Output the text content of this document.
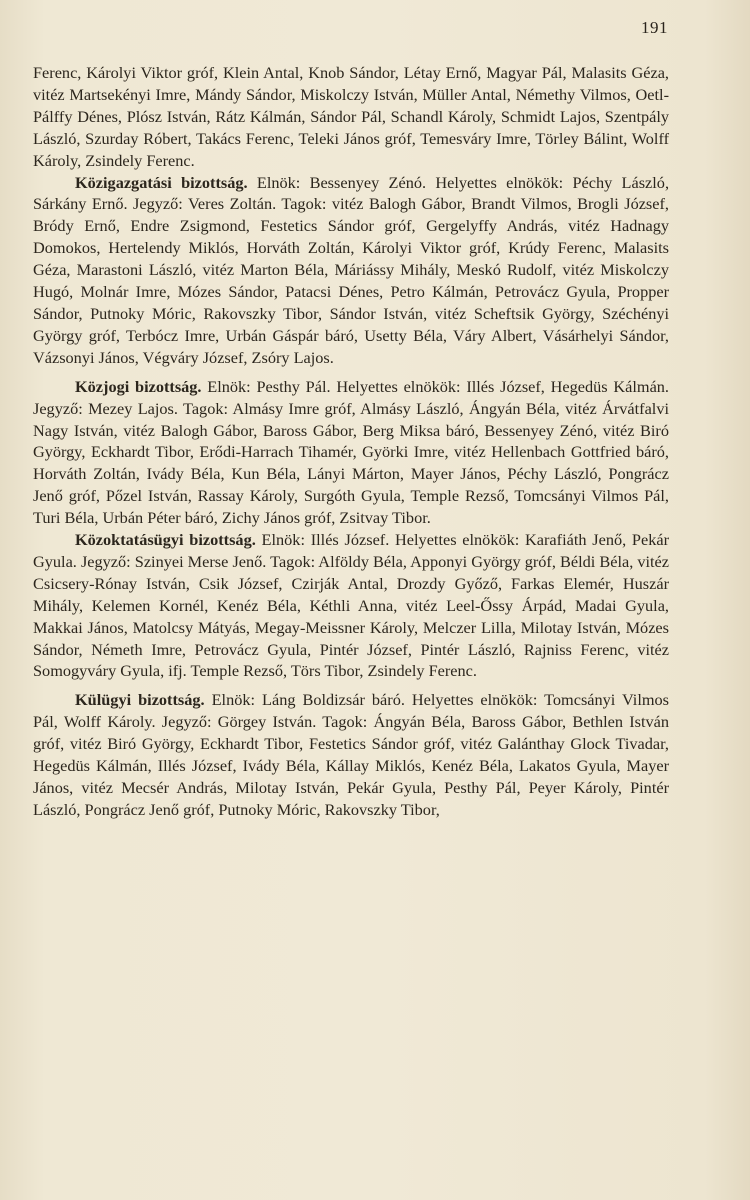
191

Ferenc, Károlyi Viktor gróf, Klein Antal, Knob Sándor, Létay Ernő, Magyar Pál, Malasits Géza, vitéz Martsekényi Imre, Mándy Sándor, Miskolczy István, Müller Antal, Némethy Vilmos, Oetl-Pálffy Dénes, Plósz István, Rátz Kálmán, Sándor Pál, Schandl Károly, Schmidt Lajos, Szentpály László, Szurday Róbert, Takács Ferenc, Teleki János gróf, Temesváry Imre, Törley Bálint, Wolff Károly, Zsindely Ferenc.

Közigazgatási bizottság. Elnök: Bessenyey Zénó. Helyettes elnökök: Péchy László, Sárkány Ernő. Jegyző: Veres Zoltán. Tagok: vitéz Balogh Gábor, Brandt Vilmos, Brogli József, Bródy Ernő, Endre Zsigmond, Festetics Sándor gróf, Gergelyffy András, vitéz Hadnagy Domokos, Hertelendy Miklós, Horváth Zoltán, Károlyi Viktor gróf, Krúdy Ferenc, Malasits Géza, Marastoni László, vitéz Marton Béla, Máriássy Mihály, Meskó Rudolf, vitéz Miskolczy Hugó, Molnár Imre, Mózes Sándor, Patacsi Dénes, Petro Kálmán, Petrovácz Gyula, Propper Sándor, Putnoky Móric, Rakovszky Tibor, Sándor István, vitéz Scheftsik György, Széchényi György gróf, Terbócz Imre, Urbán Gáspár báró, Usetty Béla, Váry Albert, Vásárhelyi Sándor, Vázsonyi János, Végváry József, Zsóry Lajos.

Közjogi bizottság. Elnök: Pesthy Pál. Helyettes elnökök: Illés József, Hegedüs Kálmán. Jegyző: Mezey Lajos. Tagok: Almásy Imre gróf, Almásy László, Ángyán Béla, vitéz Árvátfalvi Nagy István, vitéz Balogh Gábor, Baross Gábor, Berg Miksa báró, Bessenyey Zénó, vitéz Biró György, Eckhardt Tibor, Erődi-Harrach Tihamér, Györki Imre, vitéz Hellenbach Gottfried báró, Horváth Zoltán, Ivády Béla, Kun Béla, Lányi Márton, Mayer János, Péchy László, Pongrácz Jenő gróf, Pőzel István, Rassay Károly, Surgóth Gyula, Temple Rezső, Tomcsányi Vilmos Pál, Turi Béla, Urbán Péter báró, Zichy János gróf, Zsitvay Tibor.

Közoktatásügyi bizottság. Elnök: Illés József. Helyettes elnökök: Karafiáth Jenő, Pekár Gyula. Jegyző: Szinyei Merse Jenő. Tagok: Alföldy Béla, Apponyi György gróf, Béldi Béla, vitéz Csicsery-Rónay István, Csik József, Czirják Antal, Drozdy Győző, Farkas Elemér, Huszár Mihály, Kelemen Kornél, Kenéz Béla, Kéthli Anna, vitéz Leel-Őssy Árpád, Madai Gyula, Makkai János, Matolcsy Mátyás, Megay-Meissner Károly, Melczer Lilla, Milotay István, Mózes Sándor, Németh Imre, Petrovácz Gyula, Pintér József, Pintér László, Rajniss Ferenc, vitéz Somogyváry Gyula, ifj. Temple Rezső, Törs Tibor, Zsindely Ferenc.

Külügyi bizottság. Elnök: Láng Boldizsár báró. Helyettes elnökök: Tomcsányi Vilmos Pál, Wolff Károly. Jegyző: Görgey István. Tagok: Ángyán Béla, Baross Gábor, Bethlen István gróf, vitéz Biró György, Eckhardt Tibor, Festetics Sándor gróf, vitéz Galánthay Glock Tivadar, Hegedüs Kálmán, Illés József, Ivády Béla, Kállay Miklós, Kenéz Béla, Lakatos Gyula, Mayer János, vitéz Mecsér András, Milotay István, Pekár Gyula, Pesthy Pál, Peyer Károly, Pintér László, Pongrácz Jenő gróf, Putnoky Móric, Rakovszky Tibor,
